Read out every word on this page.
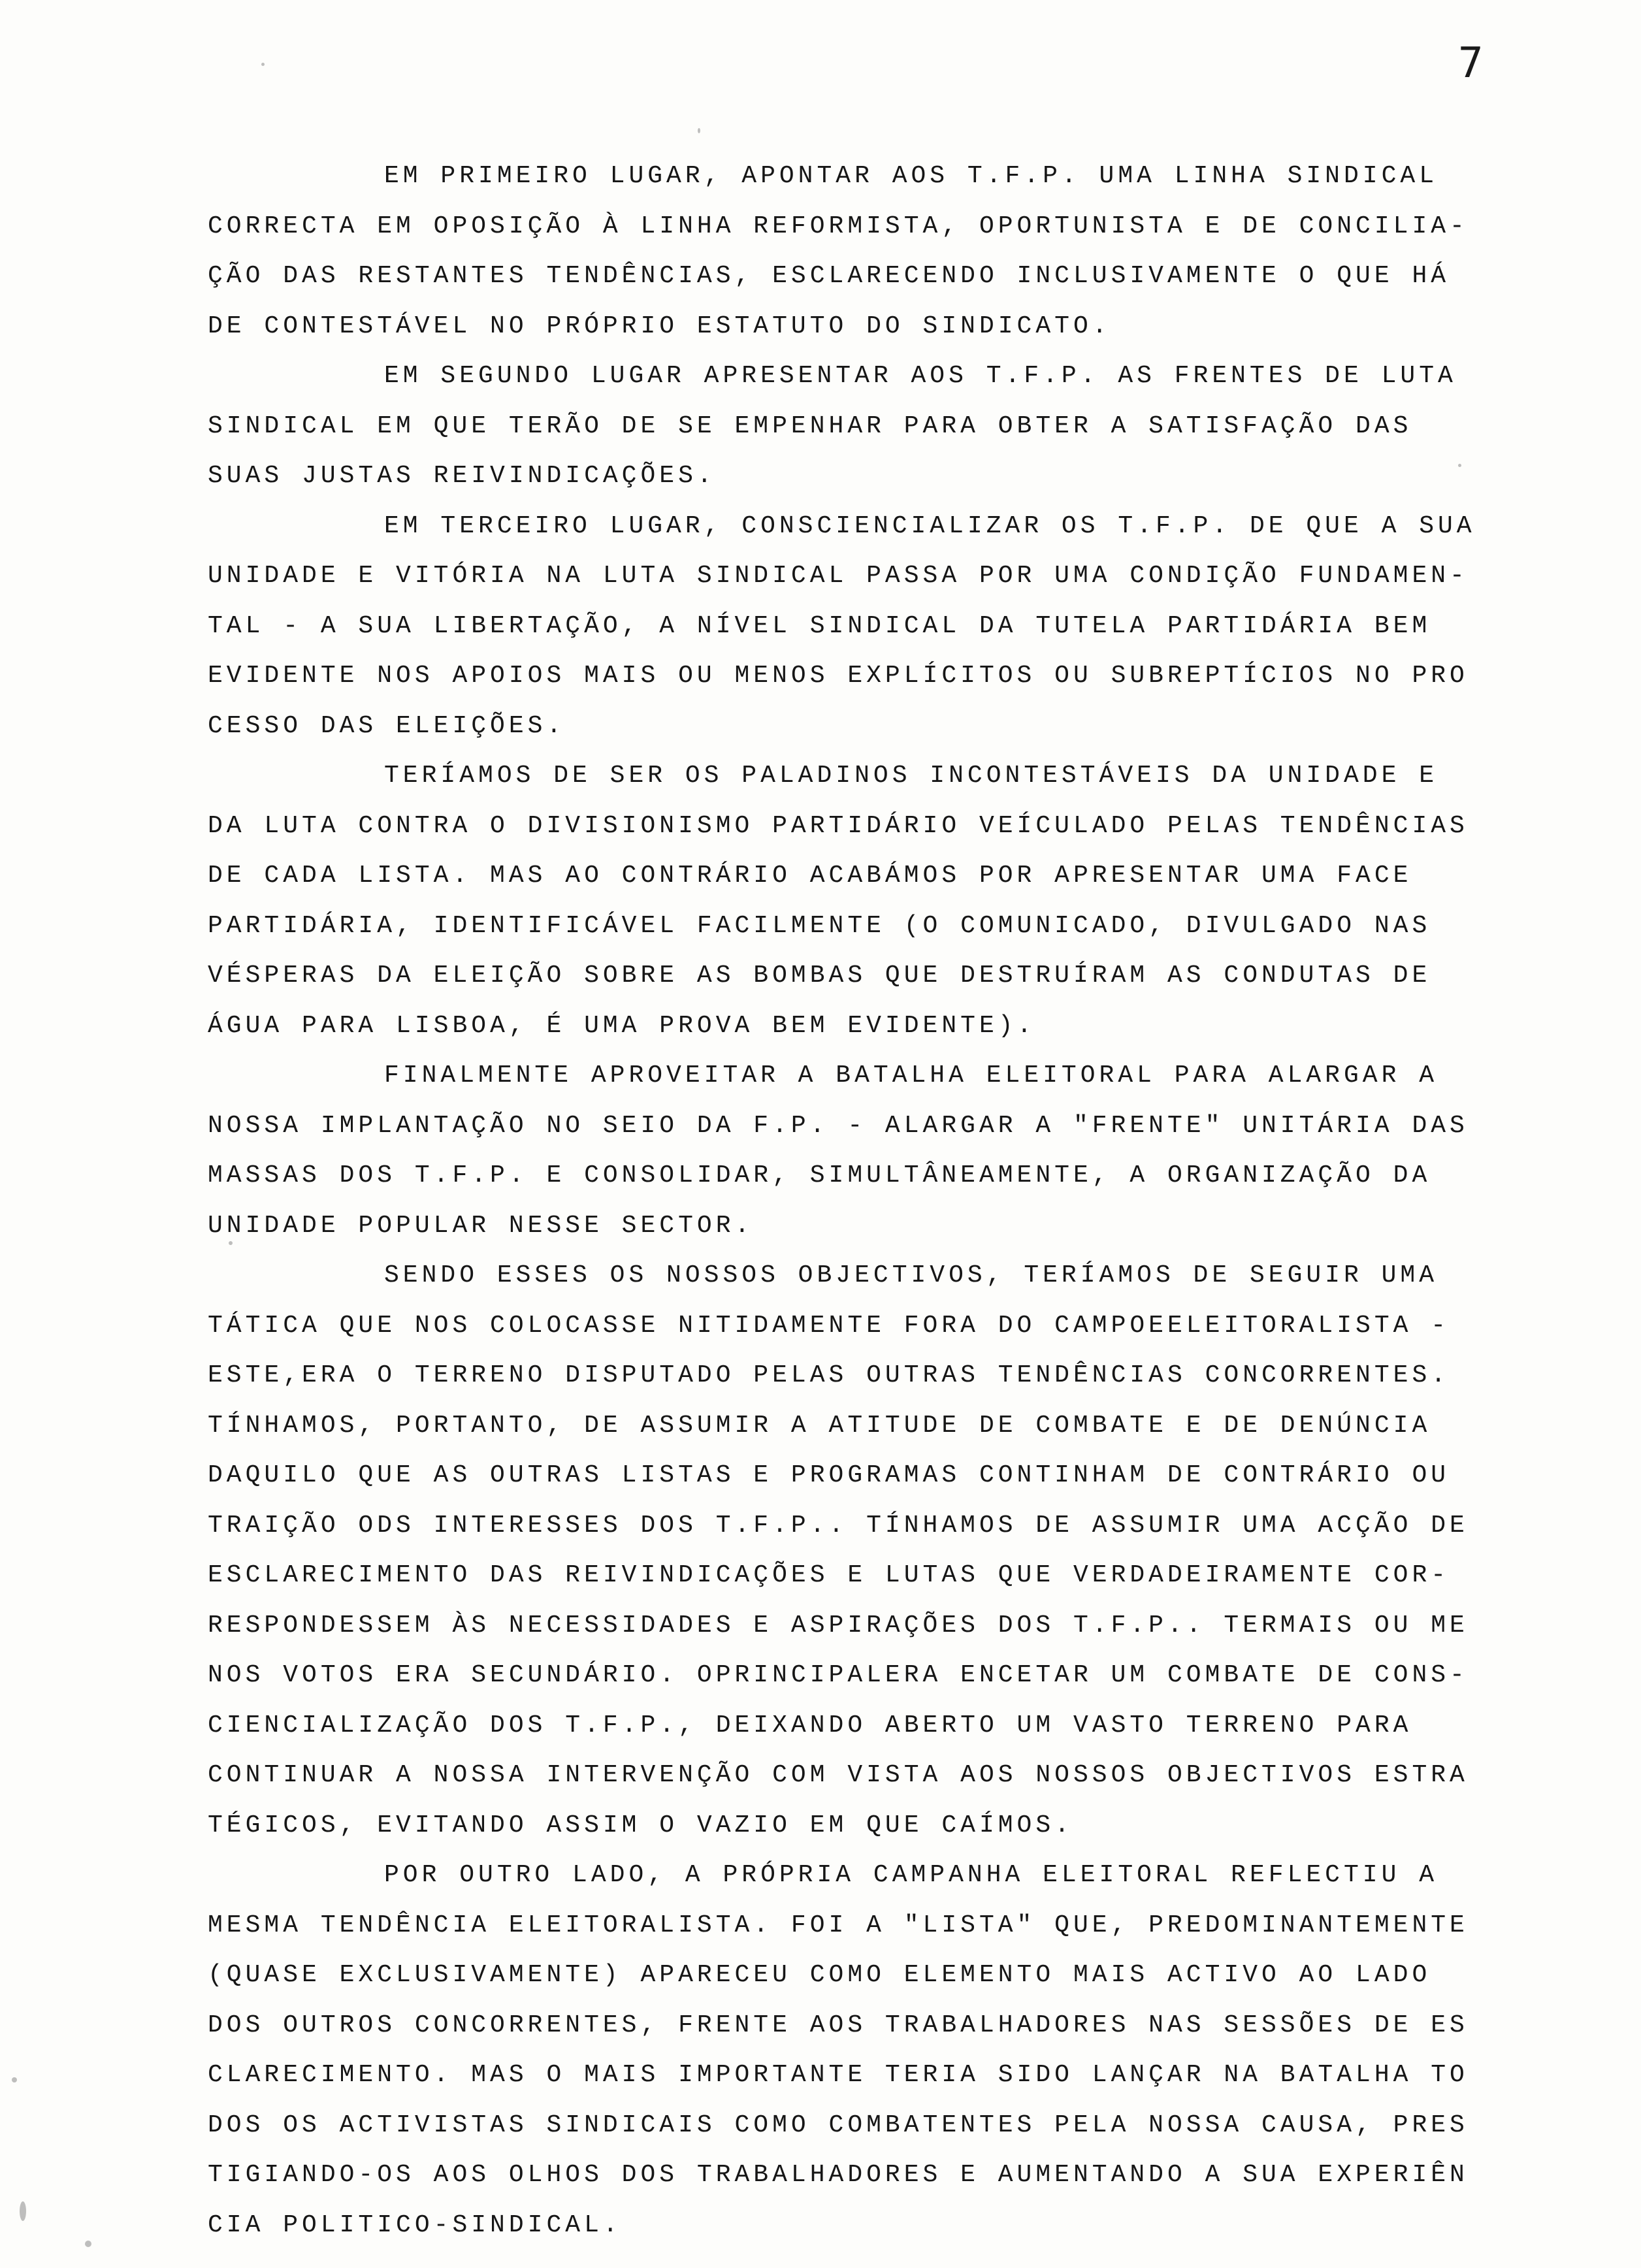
7
EM PRIMEIRO LUGAR, APONTAR AOS T.F.P. UMA LINHA SINDICAL
CORRECTA EM OPOSIÇÃO À LINHA REFORMISTA, OPORTUNISTA E DE CONCILIA-
ÇÃO DAS RESTANTES TENDÊNCIAS, ESCLARECENDO INCLUSIVAMENTE O QUE HÁ
DE CONTESTÁVEL NO PRÓPRIO ESTATUTO DO SINDICATO.
EM SEGUNDO LUGAR APRESENTAR AOS T.F.P. AS FRENTES DE LUTA
SINDICAL EM QUE TERÃO DE SE EMPENHAR PARA OBTER A SATISFAÇÃO DAS
SUAS JUSTAS REIVINDICAÇÕES.
EM TERCEIRO LUGAR, CONSCIENCIALIZAR OS T.F.P. DE QUE A SUA
UNIDADE E VITÓRIA NA LUTA SINDICAL PASSA POR UMA CONDIÇÃO FUNDAMEN-
TAL - A SUA LIBERTAÇÃO, A NÍVEL SINDICAL DA TUTELA PARTIDÁRIA BEM
EVIDENTE NOS APOIOS MAIS OU MENOS EXPLÍCITOS OU SUBREPTÍCIOS NO PRO
CESSO DAS ELEIÇÕES.
TERÍAMOS DE SER OS PALADINOS INCONTESTÁVEIS DA UNIDADE E
DA LUTA CONTRA O DIVISIONISMO PARTIDÁRIO VEÍCULADO PELAS TENDÊNCIAS
DE CADA LISTA. MAS AO CONTRÁRIO ACABÁMOS POR APRESENTAR UMA FACE
PARTIDÁRIA, IDENTIFICÁVEL FACILMENTE (O COMUNICADO, DIVULGADO NAS
VÉSPERAS DA ELEIÇÃO SOBRE AS BOMBAS QUE DESTRUÍRAM AS CONDUTAS DE
ÁGUA PARA LISBOA, É UMA PROVA BEM EVIDENTE).
FINALMENTE APROVEITAR A BATALHA ELEITORAL PARA ALARGAR A
NOSSA IMPLANTAÇÃO NO SEIO DA F.P. - ALARGAR A "FRENTE" UNITÁRIA DAS
MASSAS DOS T.F.P. E CONSOLIDAR, SIMULTÂNEAMENTE, A ORGANIZAÇÃO DA
UNIDADE POPULAR NESSE SECTOR.
SENDO ESSES OS NOSSOS OBJECTIVOS, TERÍAMOS DE SEGUIR UMA
TÁTICA QUE NOS COLOCASSE NITIDAMENTE FORA DO CAMPOEELEITORALISTA -
ESTE,ERA O TERRENO DISPUTADO PELAS OUTRAS TENDÊNCIAS CONCORRENTES.
TÍNHAMOS, PORTANTO, DE ASSUMIR A ATITUDE DE COMBATE E DE DENÚNCIA
DAQUILO QUE AS OUTRAS LISTAS E PROGRAMAS CONTINHAM DE CONTRÁRIO OU
TRAIÇÃO ODS INTERESSES DOS T.F.P.. TÍNHAMOS DE ASSUMIR UMA ACÇÃO DE
ESCLARECIMENTO DAS REIVINDICAÇÕES E LUTAS QUE VERDADEIRAMENTE COR-
RESPONDESSEM ÀS NECESSIDADES E ASPIRAÇÕES DOS T.F.P.. TERMAIS OU ME
NOS VOTOS ERA SECUNDÁRIO. OPRINCIPALERA ENCETAR UM COMBATE DE CONS-
CIENCIALIZAÇÃO DOS T.F.P., DEIXANDO ABERTO UM VASTO TERRENO PARA
CONTINUAR A NOSSA INTERVENÇÃO COM VISTA AOS NOSSOS OBJECTIVOS ESTRA
TÉGICOS, EVITANDO ASSIM O VAZIO EM QUE CAÍMOS.
POR OUTRO LADO, A PRÓPRIA CAMPANHA ELEITORAL REFLECTIU A
MESMA TENDÊNCIA ELEITORALISTA. FOI A "LISTA" QUE, PREDOMINANTEMENTE
(QUASE EXCLUSIVAMENTE) APARECEU COMO ELEMENTO MAIS ACTIVO AO LADO
DOS OUTROS CONCORRENTES, FRENTE AOS TRABALHADORES NAS SESSÕES DE ES
CLARECIMENTO. MAS O MAIS IMPORTANTE TERIA SIDO LANÇAR NA BATALHA TO
DOS OS ACTIVISTAS SINDICAIS COMO COMBATENTES PELA NOSSA CAUSA, PRES
TIGIANDO-OS AOS OLHOS DOS TRABALHADORES E AUMENTANDO A SUA EXPERIÊN
CIA POLITICO-SINDICAL.
